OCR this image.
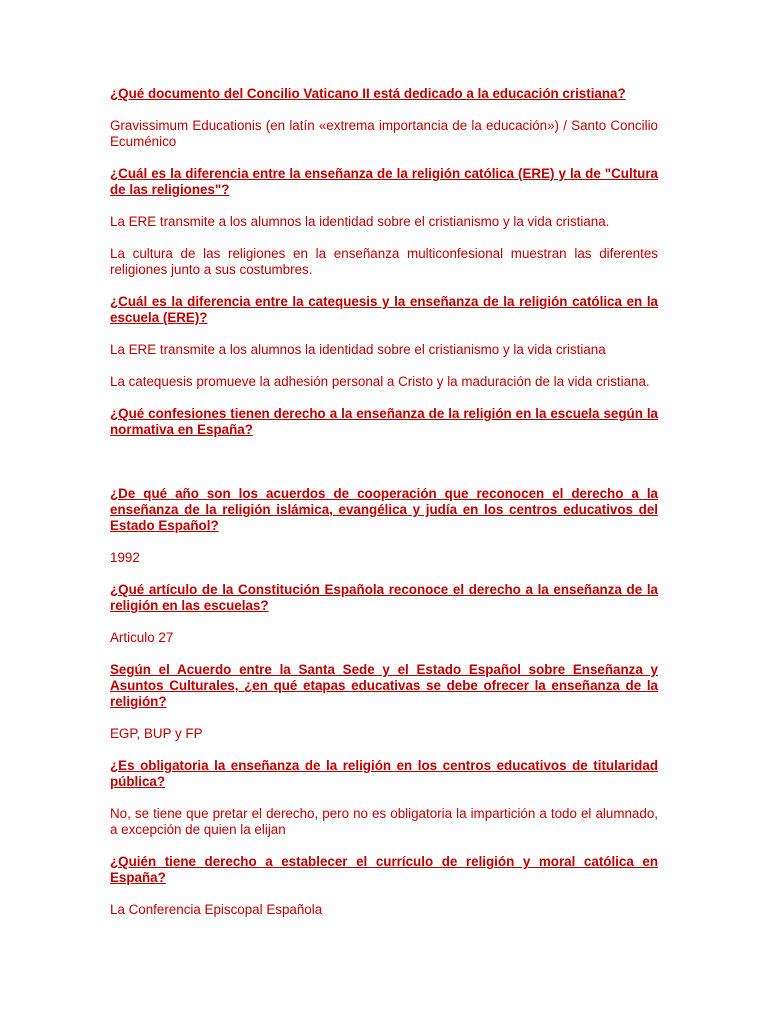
¿Qué documento del Concilio Vaticano II está dedicado a la educación cristiana?

Gravissimum Educationis (en latín «extrema importancia de la educación») / Santo Concilio Ecuménico

¿Cuál es la diferencia entre la enseñanza de la religión católica (ERE) y la de "Cultura de las religiones"?

La ERE transmite a los alumnos la identidad sobre el cristianismo y la vida cristiana.

La cultura de las religiones en la enseñanza multiconfesional muestran las diferentes religiones junto a sus costumbres.

¿Cuál es la diferencia entre la catequesis y la enseñanza de la religión católica en la escuela (ERE)?

La ERE transmite a los alumnos la identidad sobre el cristianismo y la vida cristiana

La catequesis promueve la adhesión personal a Cristo y la maduración de la vida cristiana.

¿Qué confesiones tienen derecho a la enseñanza de la religión en la escuela según la normativa en España?

¿De qué año son los acuerdos de cooperación que reconocen el derecho a la enseñanza de la religión islámica, evangélica y judía en los centros educativos del Estado Español?

1992

¿Qué artículo de la Constitución Española reconoce el derecho a la enseñanza de la religión en las escuelas?

Articulo 27

Según el Acuerdo entre la Santa Sede y el Estado Español sobre Enseñanza y Asuntos Culturales, ¿en qué etapas educativas se debe ofrecer la enseñanza de la religión?

EGP, BUP y FP

¿Es obligatoria la enseñanza de la religión en los centros educativos de titularidad pública?

No, se tiene que pretar el derecho, pero no es obligatoria la impartición a todo el alumnado, a excepción de quien la elijan

¿Quién tiene derecho a establecer el currículo de religión y moral católica en España?

La Conferencia Episcopal Española
